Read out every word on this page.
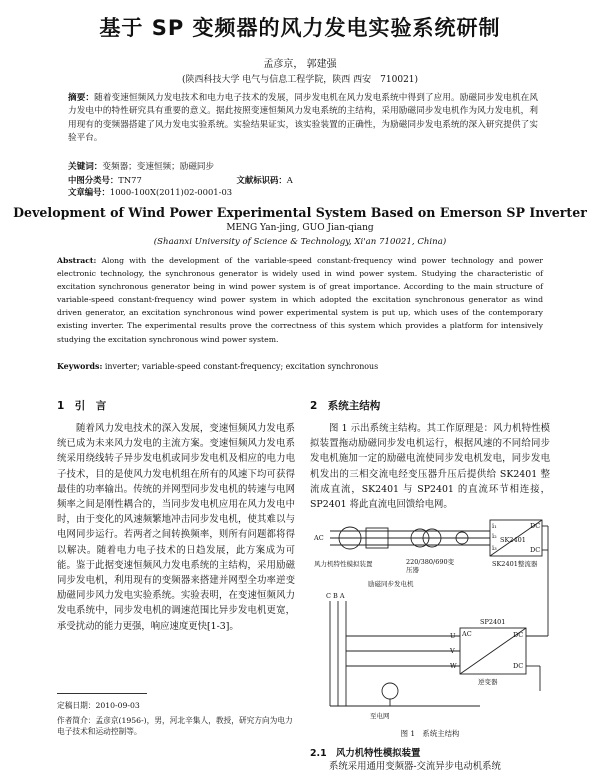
基于 SP 变频器的风力发电实验系统研制
孟彦京， 郭建强
(陕西科技大学 电气与信息工程学院，陕西 西安　710021)
摘要：随着变速恒频风力发电技术和电力电子技术的发展，同步发电机在风力发电系统中得到了应用。励磁同步发电机在风力发电中的特性研究具有重要的意义。据此按照变速恒频风力发电系统的主结构，采用励磁同步发电机作为风力发电机，利用现有的变频器搭建了风力发电实验系统。实验结果证实，该实验装置的正确性，为励磁同步发电系统的深入研究提供了实验平台。
关键词：变频器；变速恒频；励磁同步
中图分类号：TN77	文献标识码：A 文章编号：1000-100X(2011)02-0001-03
Development of Wind Power Experimental System Based on Emerson SP Inverter
MENG Yan-jing, GUO Jian-qiang
(Shaanxi University of Science & Technology, Xi'an 710021, China)
Abstract: Along with the development of the variable-speed constant-frequency wind power technology and power electronic technology, the synchronous generator is widely used in wind power system. Studying the characteristic of excitation synchronous generator being in wind power system is of great importance. According to the main structure of variable-speed constant-frequency wind power system in which adopted the excitation synchronous generator as wind driven generator, an excitation synchronous wind power experimental system is put up, which uses of the contemporary existing inverter. The experimental results prove the correctness of this system which provides a platform for intensively studying the excitation synchronous wind power system.
Keywords: inverter; variable-speed constant-frequency; excitation synchronous
1　引　言

随着风力发电技术的深入发展，变速恒频风力发电系统已成为未来风力发电的主流方案。变速恒频风力发电系统采用绕线转子异步发电机或同步发电机及相应的电力电子技术，目的是使风力发电机组在所有的风速下均可获得最佳的功率输出。传统的并网型同步发电机的转速与电网频率之间是刚性耦合的，当同步发电机应用在风力发电中时，由于变化的风速频繁地冲击同步发电机，使其难以与电网同步运行。若两者之间转换频率，则所有问题都将得以解决。随着电力电子技术的日趋发展，此方案成为可能。鉴于此据变速恒频风力发电系统的主结构，采用励磁同步发电机，利用现有的变频器来搭建并网型全功率逆变励磁同步风力发电实验系统。实验表明，在变速恒频风力发电系统中，同步发电机的调速范围比异步发电机更宽，承受扰动的能力更强，响应速度更快[1-3]。

2　系统主结构

图 1 示出系统主结构。其工作原理是：风力机特性模拟装置拖动励磁同步发电机运行，根据风速的不同给同步发电机施加一定的励磁电流使同步发电机发电，同步发电机发出的三相交流电经变压器升压后提供给 SK2401 整流成直流，SK2401 与 SP2401 的直流环节相连接，SP2401 将此直流电回馈给电网。

AC
DC
DC
SK2401
i₁
i₂
i₃
风力机特性模拟装置	220/380/690变压器
SK2401整流器
励磁同步发电机
C B A
SP2401
DC
DC
AC
U
V
W
至电网
逆变器
图 1　系统主结构
2.1　风力机特性模拟装置

系统采用通用变频器-交流异步电动机系统

定稿日期：2010-09-03
作者简介：孟彦京(1956-)，男，河北辛集人，教授，研究方向为电力电子技术和运动控制等。
